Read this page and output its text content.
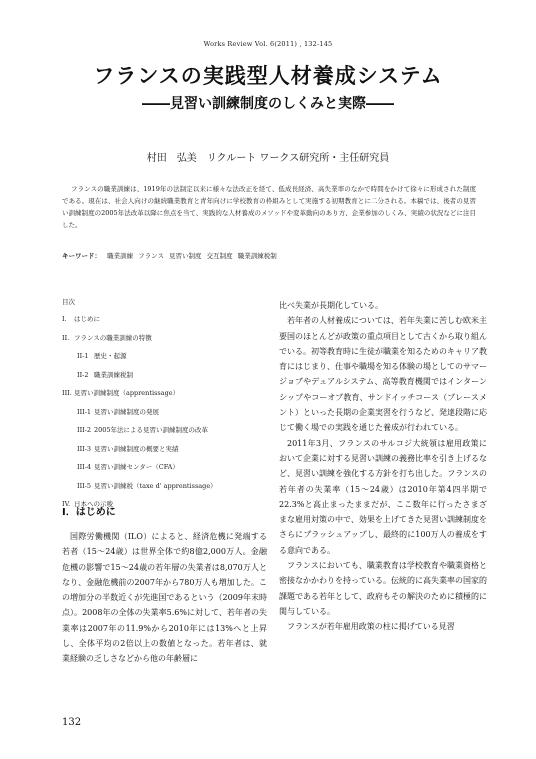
Works Review Vol. 6(2011) , 132-145
フランスの実践型人材養成システム
――見習い訓練制度のしくみと実際――
村田　弘美　リクルート ワークス研究所・主任研究員

フランスの職業訓練は、1919年の法制定以来に様々な法改正を経て、低成長経済、高失業率のなかで時間をかけて徐々に形成された制度である。現在は、社会人向けの継続職業教育と青年向けに学校教育の枠組みとして実施する初期教育とに二分される。本稿では、後者の見習い訓練制度の2005年法改革以降に焦点を当て、実践的な人材養成のメソッドや変革動向のあり方、企業参加のしくみ、実績の状況などに注目した。

キーワード： 職業訓練 フランス 見習い制度 交互制度 職業訓練税制
目次
I. はじめに
II. フランスの職業訓練の特徴
II-1 歴史・起源
II-2 職業訓練税制
III. 見習い訓練制度（apprentissage）
III-1 見習い訓練制度の発展
III-2 2005年法による見習い訓練制度の改革
III-3 見習い訓練制度の概要と実績
III-4 見習い訓練センター（CFA）
III-5 見習い訓練税（taxe d' apprentissage）
IV. 日本への示唆
I．はじめに

国際労働機関（ILO）によると、経済危機に発端する若者（15〜24歳）は世界全体で約8億2,000万人。金融危機の影響で15〜24歳の若年層の失業者は8,070万人となり、金融危機前の2007年から780万人も増加した。この増加分の半数近くが先進国であるという（2009年末時点）。2008年の全体の失業率5.6%に対して、若年者の失業率は2007年の11.9%から2010年には13%へと上昇し、全体平均の2倍以上の数値となった。若年者は、就業経験の乏しさなどから他の年齢層に

比べ失業が長期化している。

若年者の人材養成については、若年失業に苦しむ欧米主要国のほとんどが政策の重点項目として古くから取り組んでいる。初等教育時に生徒が職業を知るためのキャリア教育にはじまり、仕事や職場を知る体験の場としてのサマージョブやデュアルシステム、高等教育機関ではインターンシップやコーオプ教育、サンドイッチコース（プレースメント）といった長期の企業実習を行うなど、発達段階に応じて働く場での実践を通じた養成が行われている。

2011年3月、フランスのサルコジ大統領は雇用政策において企業に対する見習い訓練の義務比率を引き上げるなど、見習い訓練を強化する方針を打ち出した。フランスの若年者の失業率（15〜24歳）は2010年第4四半期で22.3%と高止まったままだが、ここ数年に行ったさまざまな雇用対策の中で、効果を上げてきた見習い訓練制度をさらにブラッシュアップし、最終的に100万人の養成をする意向である。

フランスにおいても、職業教育は学校教育や職業資格と密接なかかわりを持っている。伝統的に高失業率の国家的課題である若年として、政府もその解決のために積極的に関与している。

フランスが若年雇用政策の柱に掲げている見習

132
